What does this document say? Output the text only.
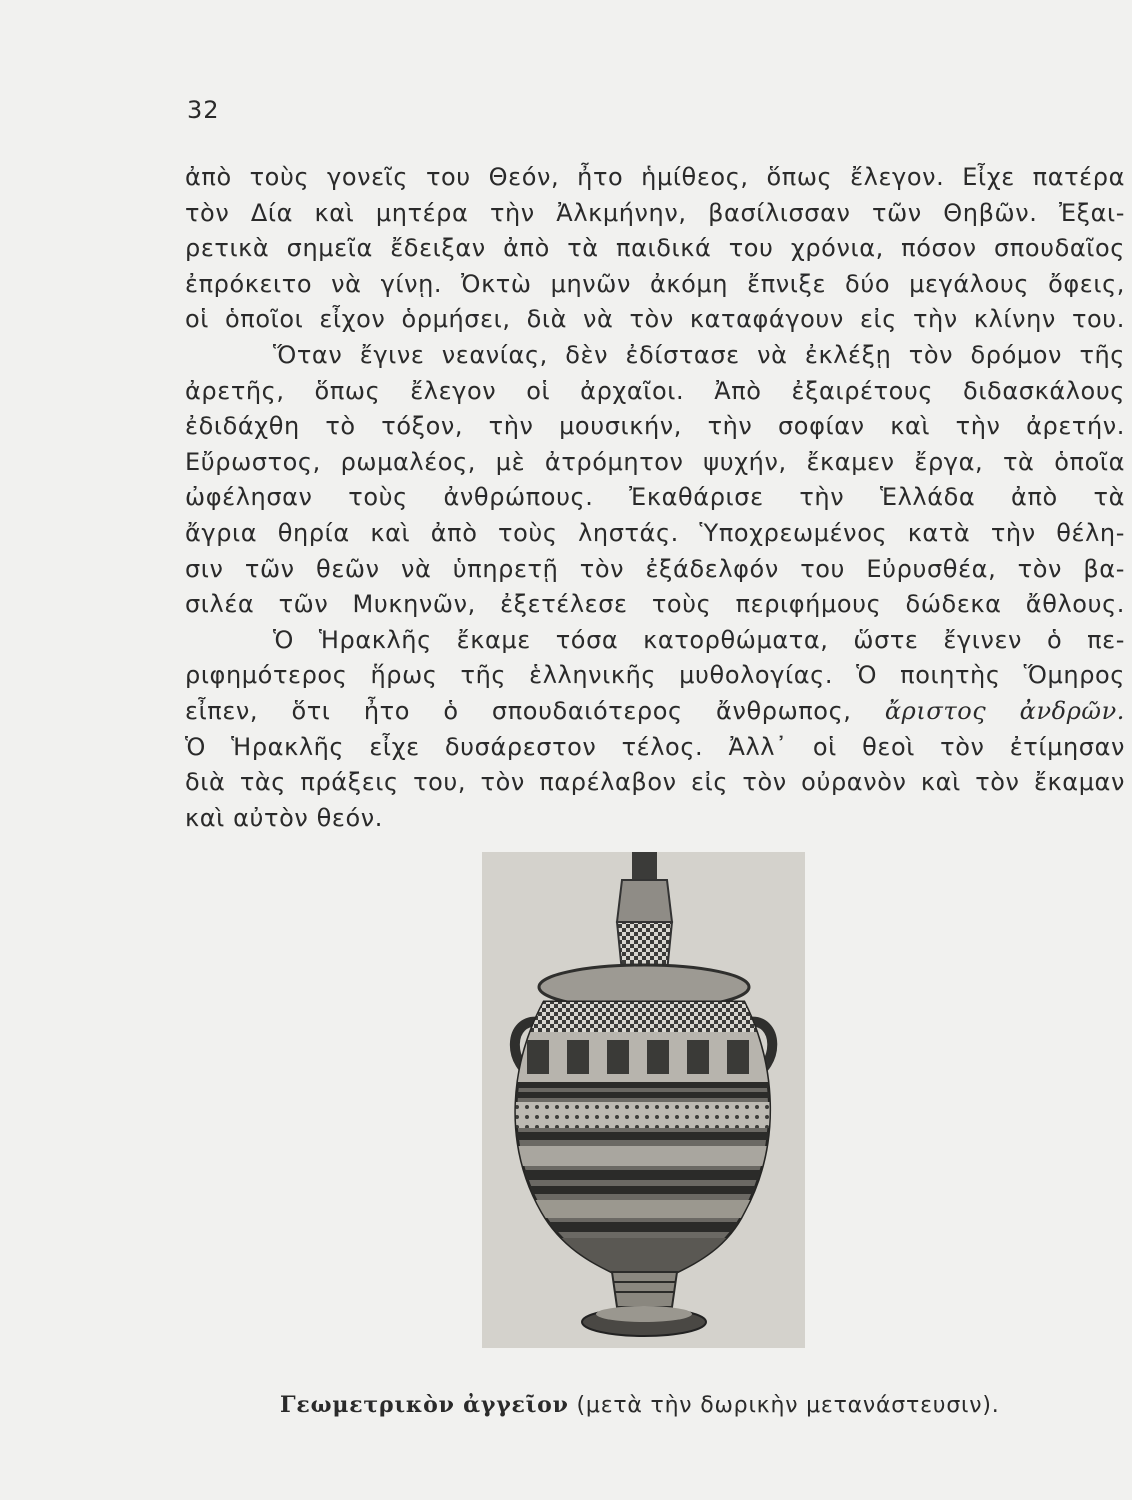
32
ἀπὸ τοὺς γονεῖς του Θεόν, ἦτο ἡμίθεος, ὅπως ἔλεγον. Εἶχε πατέρα
τὸν Δία καὶ μητέρα τὴν Ἀλκμήνην, βασίλισσαν τῶν Θηβῶν. Ἐξαι-
ρετικὰ σημεῖα ἔδειξαν ἀπὸ τὰ παιδικά του χρόνια, πόσον σπουδαῖος
ἐπρόκειτο νὰ γίνῃ. Ὀκτὼ μηνῶν ἀκόμη ἔπνιξε δύο μεγάλους ὄφεις,
οἱ ὁποῖοι εἶχον ὁρμήσει, διὰ νὰ τὸν καταφάγουν εἰς τὴν κλίνην του.
Ὅταν ἔγινε νεανίας, δὲν ἐδίστασε νὰ ἐκλέξῃ τὸν δρόμον τῆς
ἀρετῆς, ὅπως ἔλεγον οἱ ἀρχαῖοι. Ἀπὸ ἐξαιρέτους διδασκάλους
ἐδιδάχθη τὸ τόξον, τὴν μουσικήν, τὴν σοφίαν καὶ τὴν ἀρετήν.
Εὔρωστος, ρωμαλέος, μὲ ἀτρόμητον ψυχήν, ἔκαμεν ἔργα, τὰ ὁποῖα
ὠφέλησαν τοὺς ἀνθρώπους. Ἐκαθάρισε τὴν Ἑλλάδα ἀπὸ τὰ
ἄγρια θηρία καὶ ἀπὸ τοὺς ληστάς. Ὑποχρεωμένος κατὰ τὴν θέλη-
σιν τῶν θεῶν νὰ ὑπηρετῇ τὸν ἐξάδελφόν του Εὐρυσθέα, τὸν βα-
σιλέα τῶν Μυκηνῶν, ἐξετέλεσε τοὺς περιφήμους δώδεκα ἄθλους.
Ὁ Ἡρακλῆς ἔκαμε τόσα κατορθώματα, ὥστε ἔγινεν ὁ πε-
ριφημότερος ἥρως τῆς ἑλληνικῆς μυθολογίας. Ὁ ποιητὴς Ὅμηρος
εἶπεν, ὅτι ἦτο ὁ σπουδαιότερος ἄνθρωπος, ἄριστος ἀνδρῶν.
Ὁ Ἡρακλῆς εἶχε δυσάρεστον τέλος. Ἀλλ᾽ οἱ θεοὶ τὸν ἐτίμησαν
διὰ τὰς πράξεις του, τὸν παρέλαβον εἰς τὸν οὐρανὸν καὶ τὸν ἔκαμαν
καὶ αὐτὸν θεόν.
Γεωμετρικὸν ἀγγεῖον (μετὰ τὴν δωρικὴν μετανάστευσιν).
